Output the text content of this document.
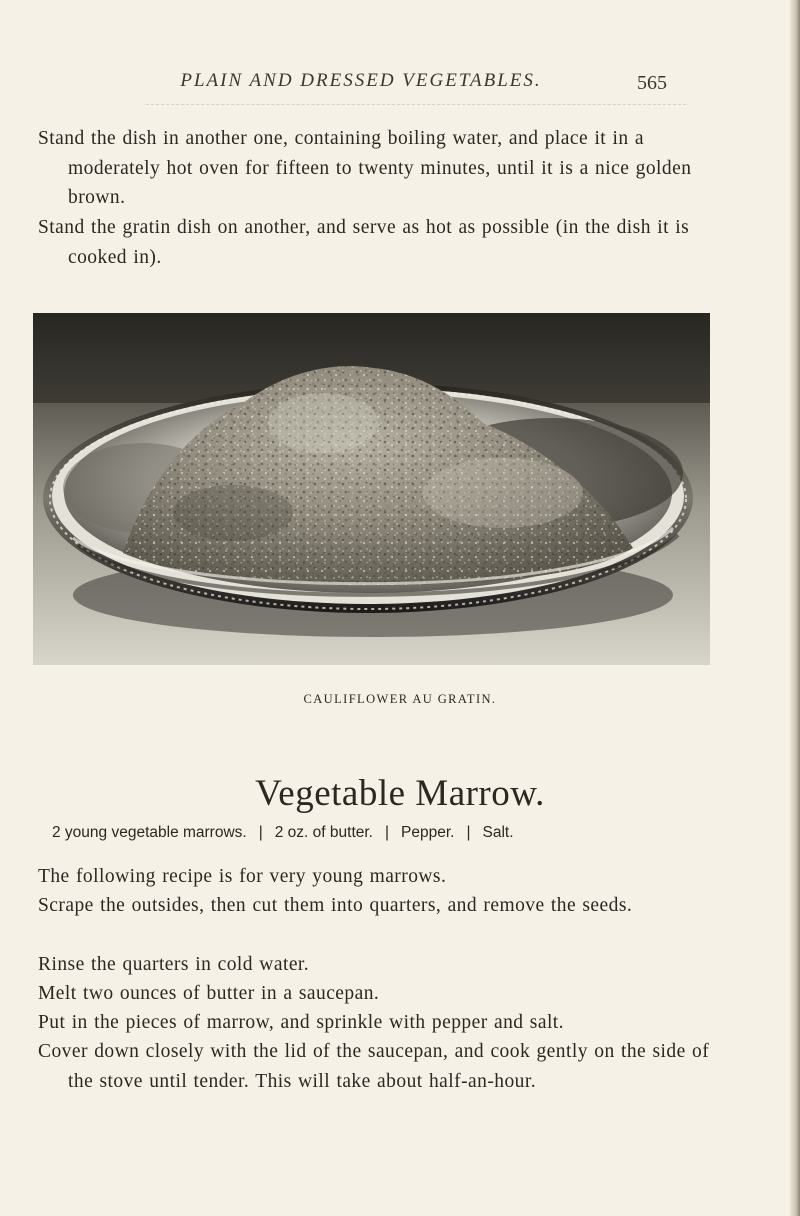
PLAIN AND DRESSED VEGETABLES.	565

Stand the dish in another one, containing boiling water, and place it in a moderately hot oven for fifteen to twenty minutes, until it is a nice golden brown.

Stand the gratin dish on another, and serve as hot as possible (in the dish it is cooked in).

CAULIFLOWER AU GRATIN.
Vegetable Marrow.
2 young vegetable marrows. | 2 oz. of butter. | Pepper. | Salt.

The following recipe is for very young marrows.

Scrape the outsides, then cut them into quarters, and remove the seeds.

Rinse the quarters in cold water.

Melt two ounces of butter in a saucepan.

Put in the pieces of marrow, and sprinkle with pepper and salt.

Cover down closely with the lid of the saucepan, and cook gently on the side of the stove until tender. This will take about half-an-hour.
